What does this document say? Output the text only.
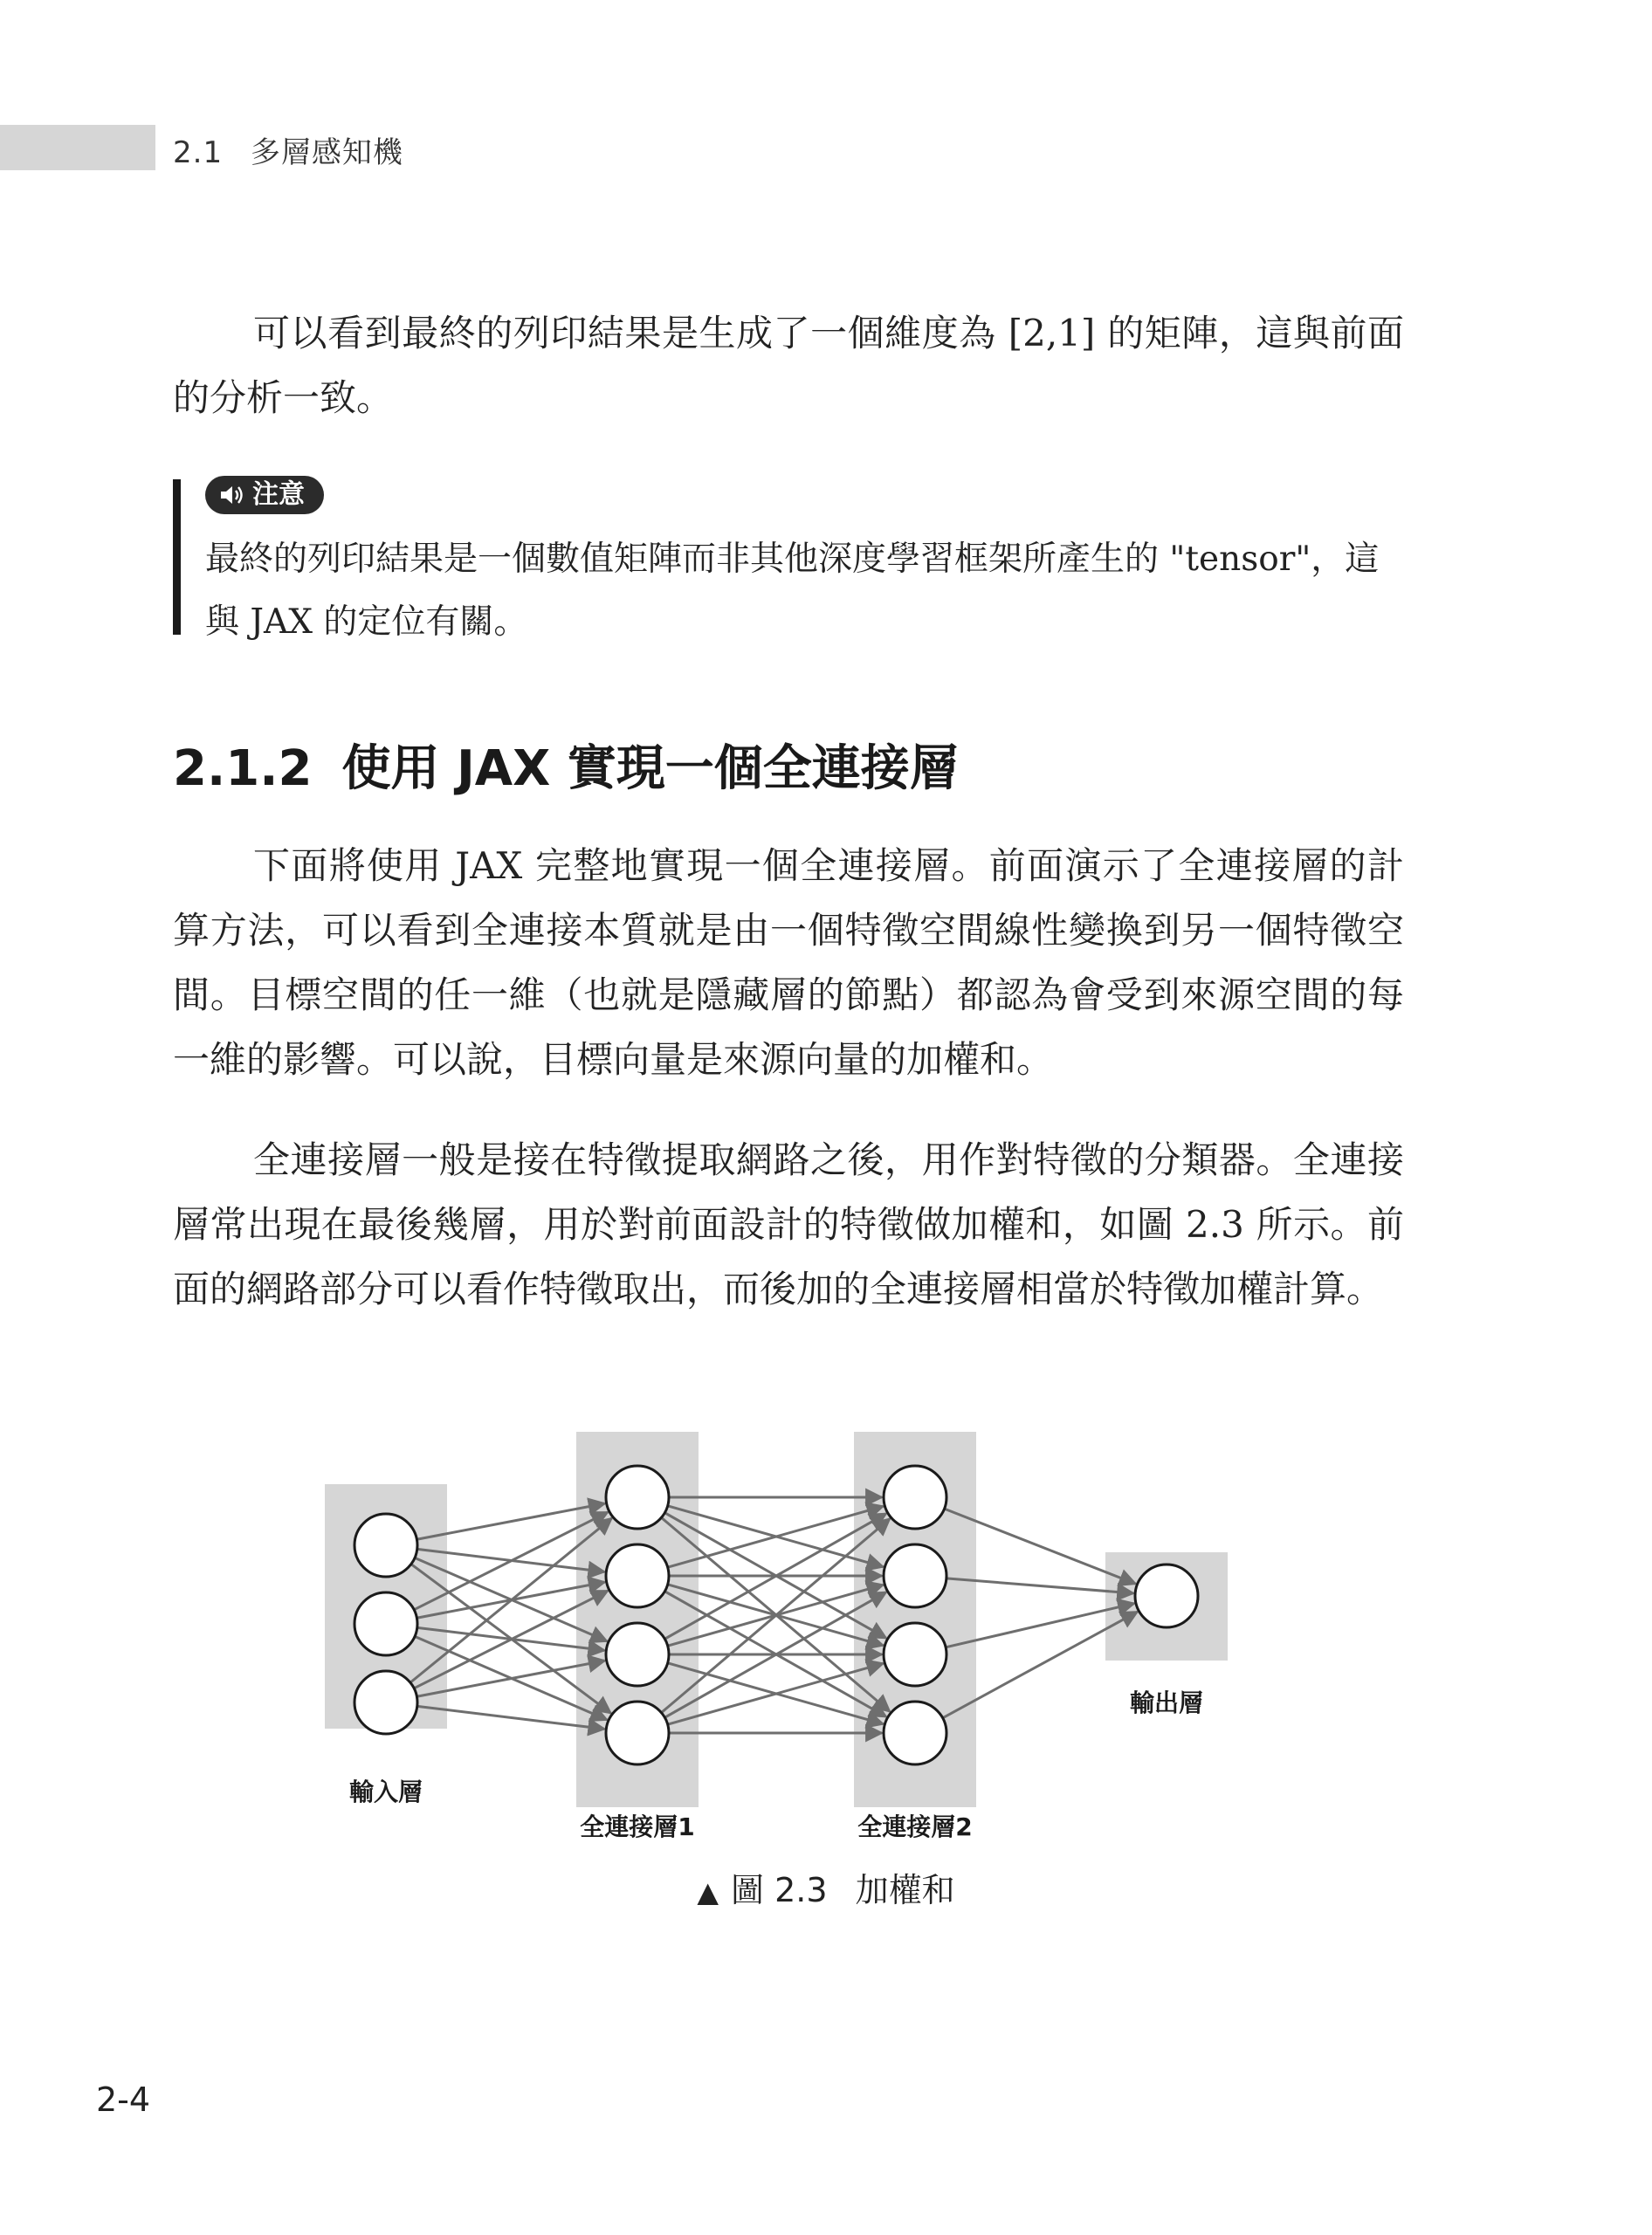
2.1 多層感知機

可以看到最終的列印結果是生成了一個維度為 [2,1] 的矩陣，這與前面的分析一致。

注意

最終的列印結果是一個數值矩陣而非其他深度學習框架所產生的 "tensor"，這與 JAX 的定位有關。

2.1.2 使用 JAX 實現一個全連接層

下面將使用 JAX 完整地實現一個全連接層。前面演示了全連接層的計算方法，可以看到全連接本質就是由一個特徵空間線性變換到另一個特徵空間。目標空間的任一維（也就是隱藏層的節點）都認為會受到來源空間的每一維的影響。可以說，目標向量是來源向量的加權和。

全連接層一般是接在特徵提取網路之後，用作對特徵的分類器。全連接層常出現在最後幾層，用於對前面設計的特徵做加權和，如圖 2.3 所示。前面的網路部分可以看作特徵取出，而後加的全連接層相當於特徵加權計算。

輸入層
全連接層1	全連接層2
輸出層
▲ 圖 2.3 加權和
2-4
